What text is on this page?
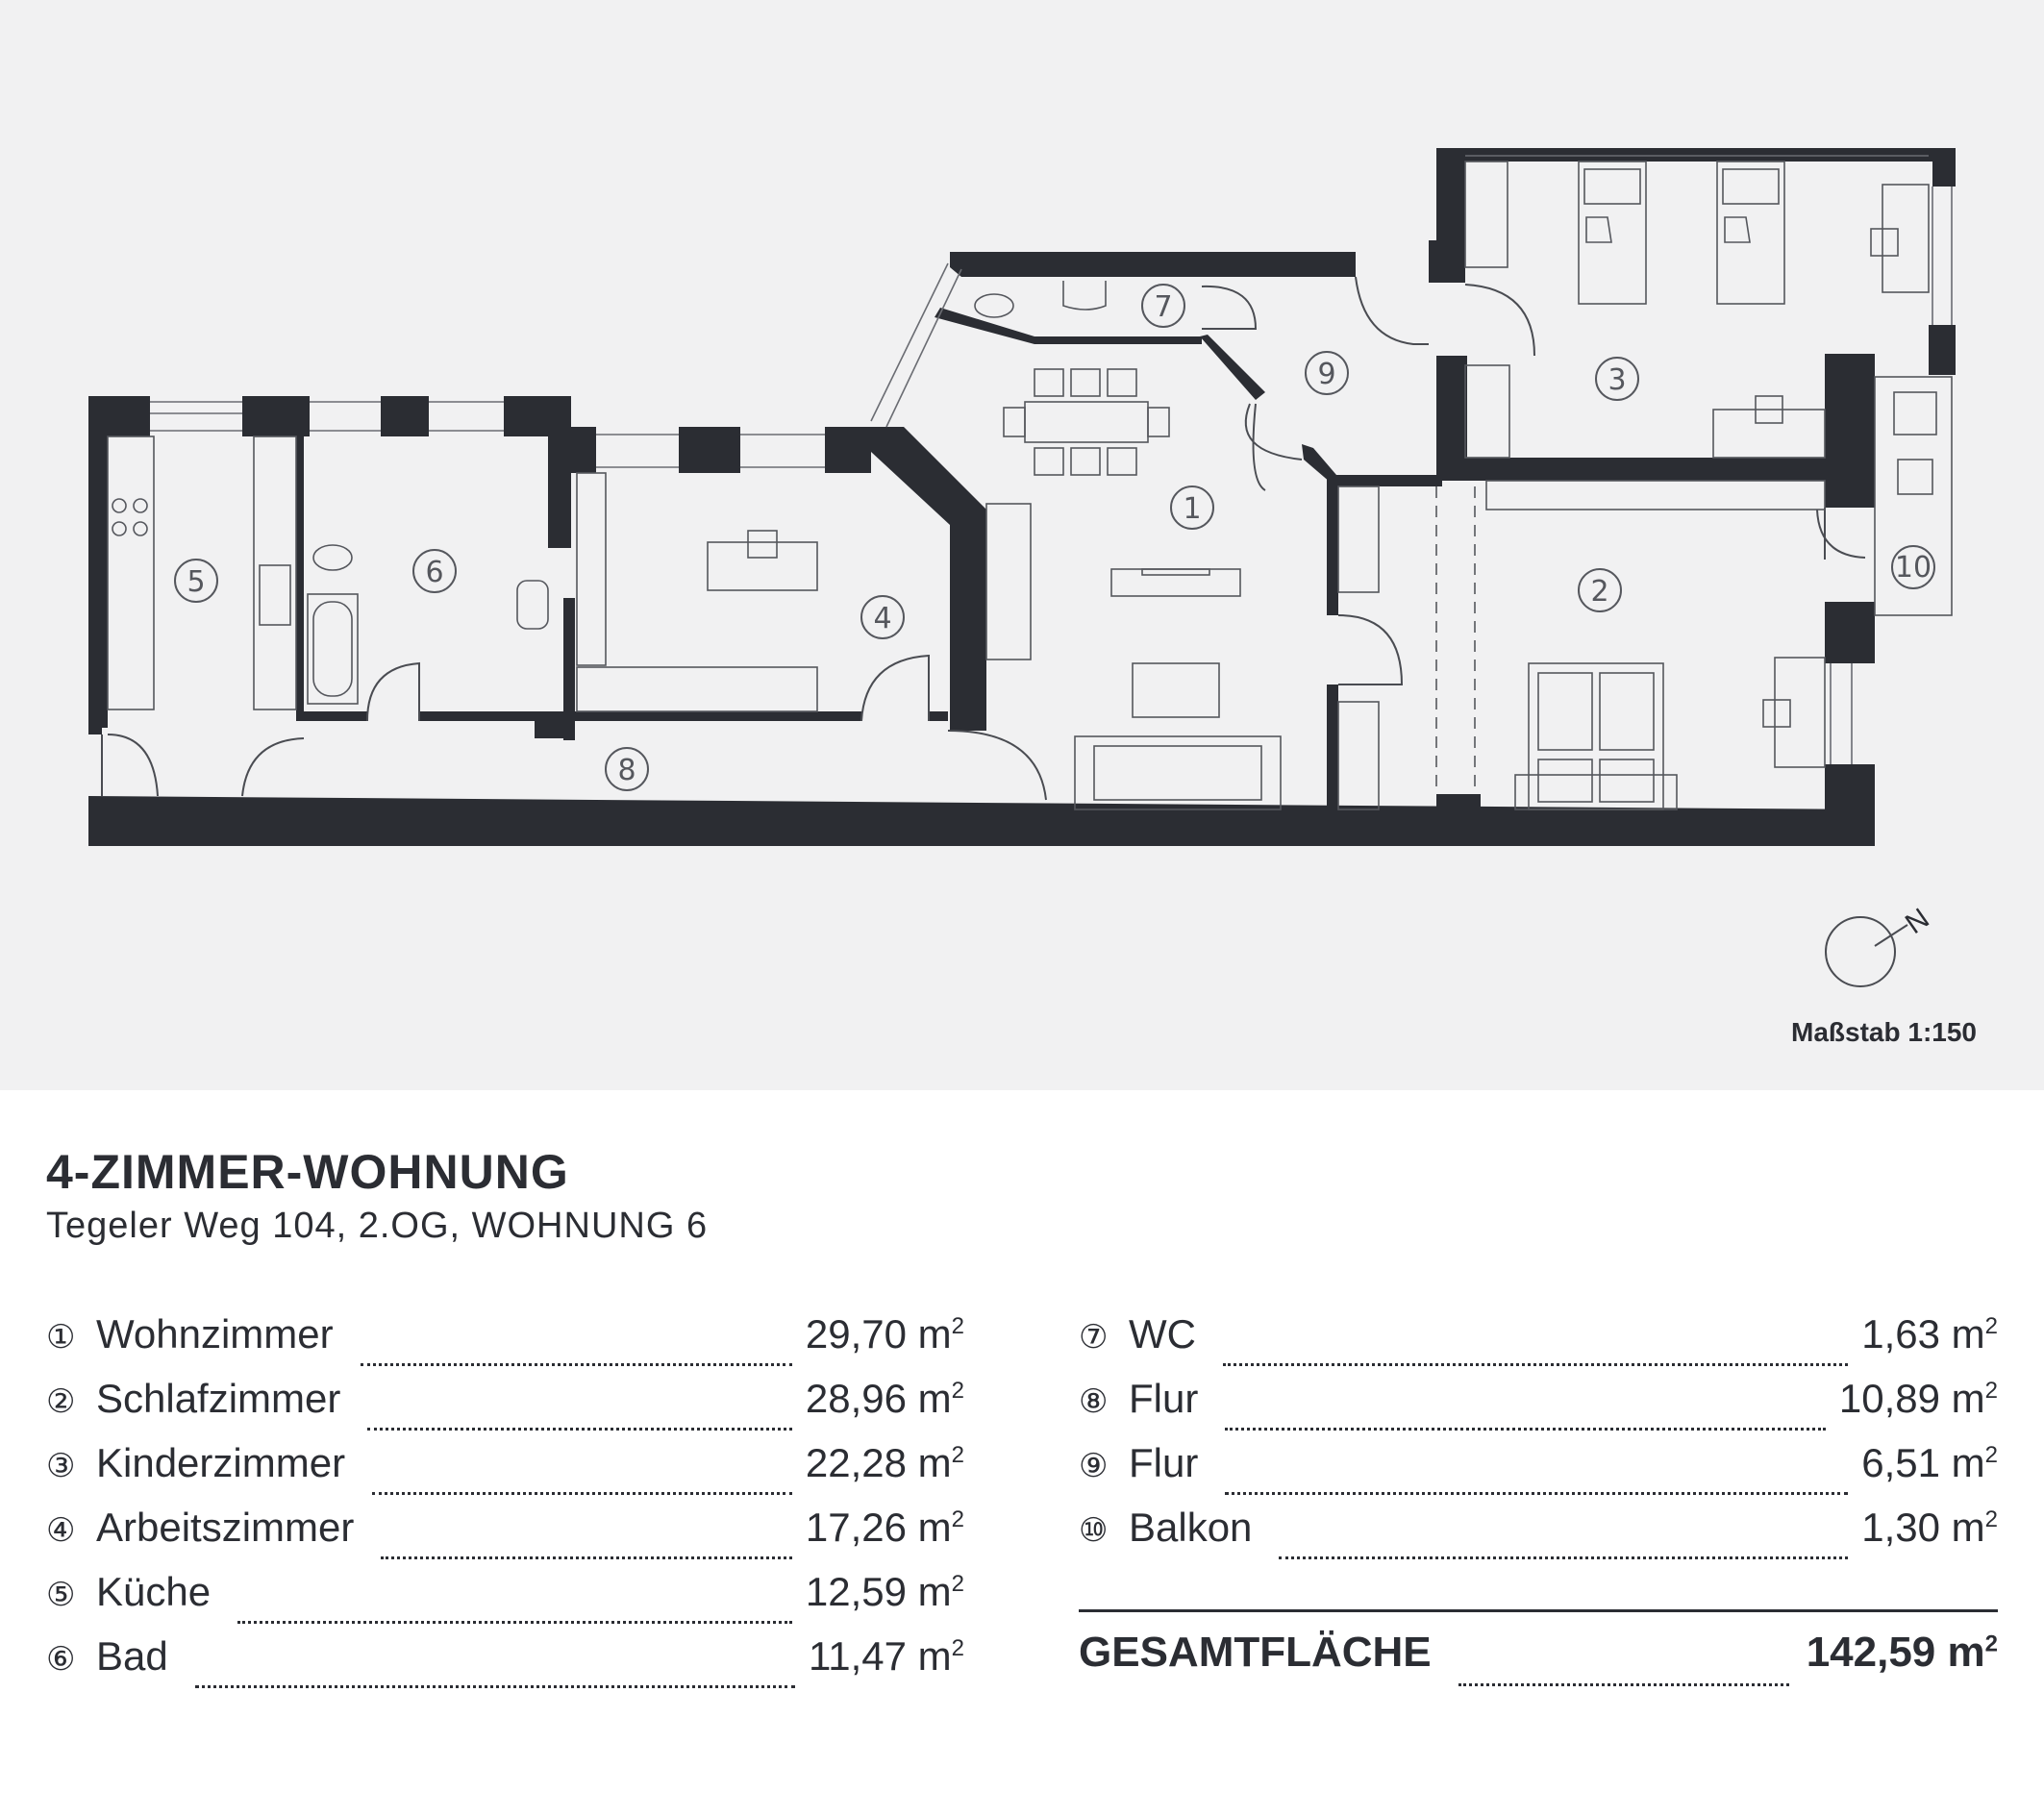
1
2
3
4
5	6
7
8
9
10
N
Maßstab 1:150
4-ZIMMER-WOHNUNG
Tegeler Weg 104, 2.OG, WOHNUNG 6
① Wohnzimmer	29,70 $m^2$
② Schlafzimmer	28,96 $m^2$
③ Kinderzimmer	22,28 $m^2$
④ Arbeitszimmer	17,26 $m^2$
⑤ Küche	12,59 $m^2$
⑥ Bad	11,47 $m^2$
⑦ WC	1,63 $m^2$
⑧ Flur	10,89 $m^2$
⑨ Flur	6,51 $m^2$
⑩ Balkon	1,30 $m^2$
GESAMTFLÄCHE	142,59 $m^2$
